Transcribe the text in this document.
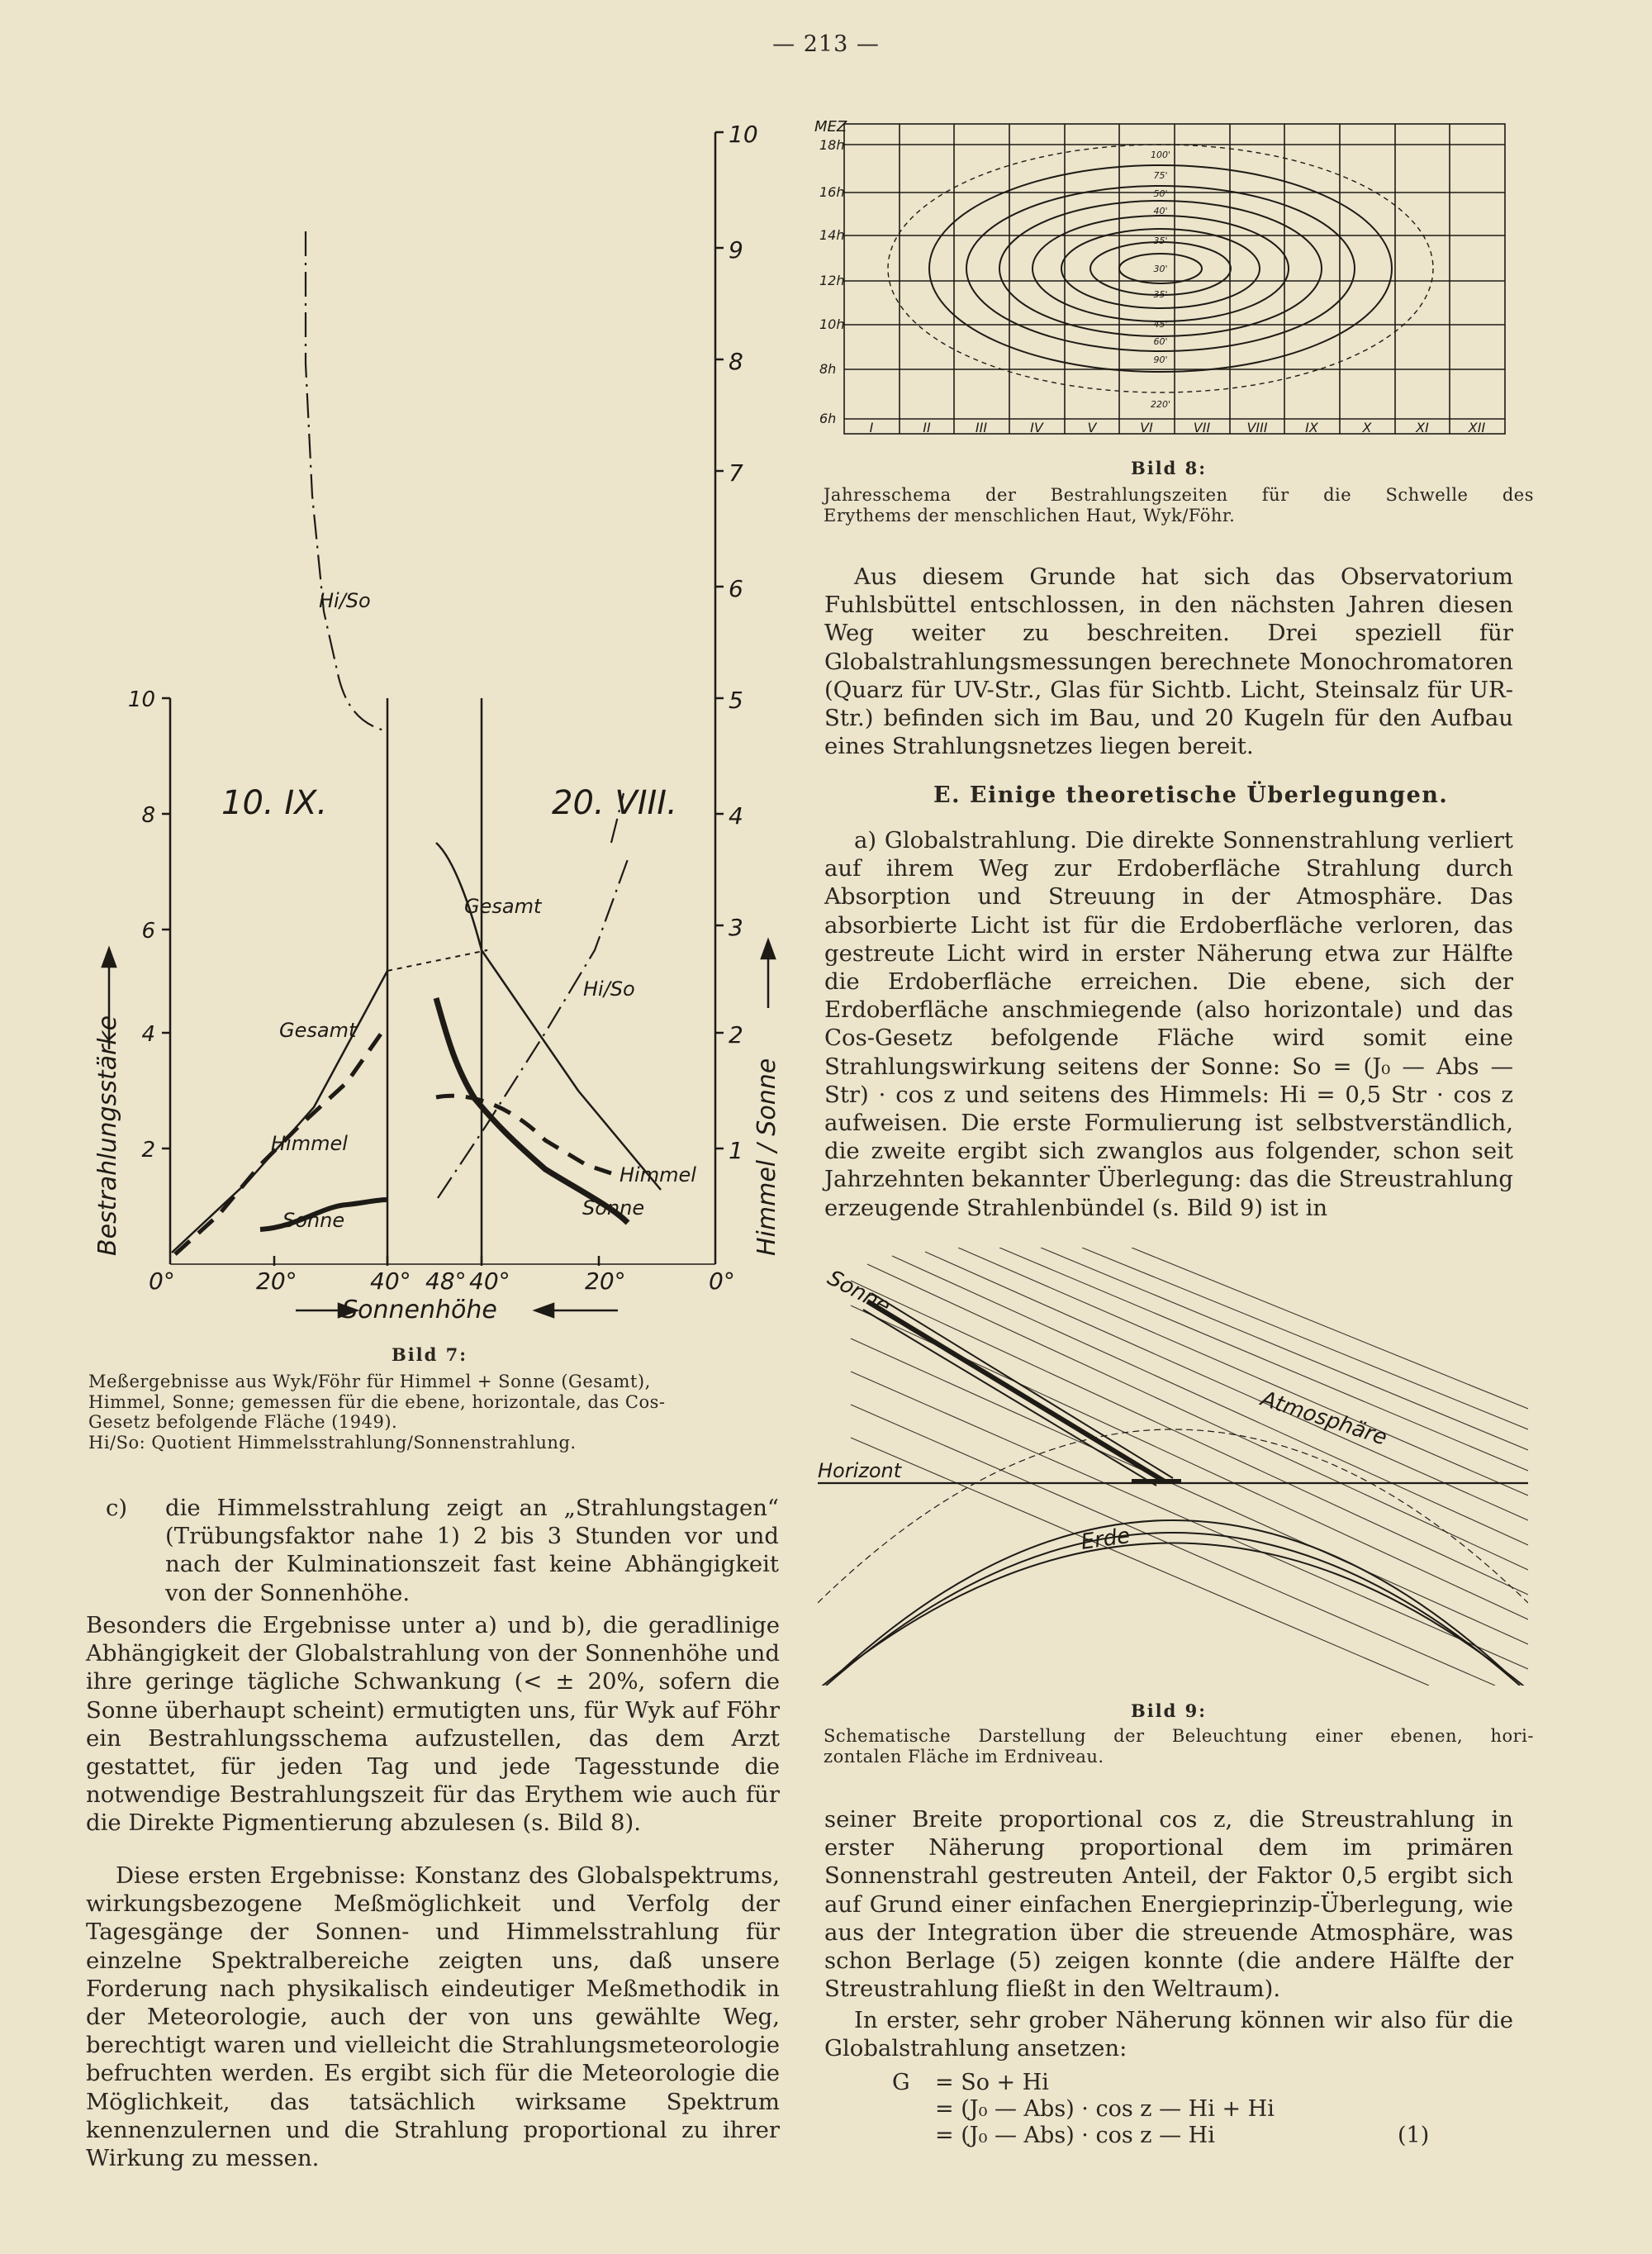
— 213 —
10
8
6
4
2
10
9
8
7
6
5
4
3
2
1
0°
0°	20°	40° 48° 40°	20°
Sonnenhöhe
Bestrahlungsstärke	Himmel / Sonne
10. IX.	20. VIII.
Gesamt
Himmel
Sonne
Gesamt
Himmel
Sonne
Hi/So
Hi/So
Bild 7:
Meßergebnisse aus Wyk/Föhr für Himmel + Sonne (Gesamt),
Himmel, Sonne; gemessen für die ebene, horizontale, das Cos-
Gesetz befolgende Fläche (1949).
Hi/So: Quotient Himmelsstrahlung/Sonnenstrahlung.
c) die Himmelsstrahlung zeigt an „Strahlungstagen“ (Trübungsfaktor nahe 1) 2 bis 3 Stunden vor und nach der Kulminationszeit fast keine Abhängigkeit von der Sonnenhöhe.

Besonders die Ergebnisse unter a) und b), die geradlinige Abhängigkeit der Globalstrahlung von der Sonnenhöhe und ihre geringe tägliche Schwankung (< ± 20%, sofern die Sonne überhaupt scheint) ermutigten uns, für Wyk auf Föhr ein Bestrahlungsschema aufzustellen, das dem Arzt gestattet, für jeden Tag und jede Tagesstunde die notwendige Bestrahlungszeit für das Erythem wie auch für die Direkte Pigmentierung abzulesen (s. Bild 8).

Diese ersten Ergebnisse: Konstanz des Globalspektrums, wirkungsbezogene Meßmöglichkeit und Verfolg der Tagesgänge der Sonnen- und Himmelsstrahlung für einzelne Spektralbereiche zeigten uns, daß unsere Forderung nach physikalisch eindeutiger Meßmethodik in der Meteorologie, auch der von uns gewählte Weg, berechtigt waren und vielleicht die Strahlungsmeteorologie befruchten werden. Es ergibt sich für die Meteorologie die Möglichkeit, das tatsächlich wirksame Spektrum kennenzulernen und die Strahlung proportional zu ihrer Wirkung zu messen.

MEZ
18h
16h
14h
12h
10h
8h
6h
I	II	III	IV	V	VI	VII	VIII	IX	X	XI	XII
100'
75'
50'
40'
35'
30'
35'
45'
60'
90'
220'
Bild 8:
Jahresschema der Bestrahlungszeiten für die Schwelle des
Erythems der menschlichen Haut, Wyk/Föhr.

Aus diesem Grunde hat sich das Observatorium Fuhlsbüttel entschlossen, in den nächsten Jahren diesen Weg weiter zu beschreiten. Drei speziell für Globalstrahlungsmessungen berechnete Monochromatoren (Quarz für UV-Str., Glas für Sichtb. Licht, Steinsalz für UR-Str.) befinden sich im Bau, und 20 Kugeln für den Aufbau eines Strahlungsnetzes liegen bereit.

E. Einige theoretische Überlegungen.

a) Globalstrahlung. Die direkte Sonnenstrahlung verliert auf ihrem Weg zur Erdoberfläche Strahlung durch Absorption und Streuung in der Atmosphäre. Das absorbierte Licht ist für die Erdoberfläche verloren, das gestreute Licht wird in erster Näherung etwa zur Hälfte die Erdoberfläche erreichen. Die ebene, sich der Erdoberfläche anschmiegende (also horizontale) und das Cos-Gesetz befolgende Fläche wird somit eine Strahlungswirkung seitens der Sonne: So = (J₀ — Abs — Str) · cos z und seitens des Himmels: Hi = 0,5 Str · cos z aufweisen. Die erste Formulierung ist selbstverständlich, die zweite ergibt sich zwanglos aus folgender, schon seit Jahrzehnten bekannter Überlegung: das die Streustrahlung erzeugende Strahlenbündel (s. Bild 9) ist in

Sonne
Atmosphäre
Horizont
Erde
Bild 9:
Schematische Darstellung der Beleuchtung einer ebenen, hori-
zontalen Fläche im Erdniveau.

seiner Breite proportional cos z, die Streustrahlung in erster Näherung proportional dem im primären Sonnenstrahl gestreuten Anteil, der Faktor 0,5 ergibt sich auf Grund einer einfachen Energieprinzip-Überlegung, wie aus der Integration über die streuende Atmosphäre, was schon Berlage (5) zeigen konnte (die andere Hälfte der Streustrahlung fließt in den Weltraum).

In erster, sehr grober Näherung können wir also für die Globalstrahlung ansetzen:

G = So + Hi
= (J₀ — Abs) · cos z — Hi + Hi
= (J₀ — Abs) · cos z — Hi	(1)
